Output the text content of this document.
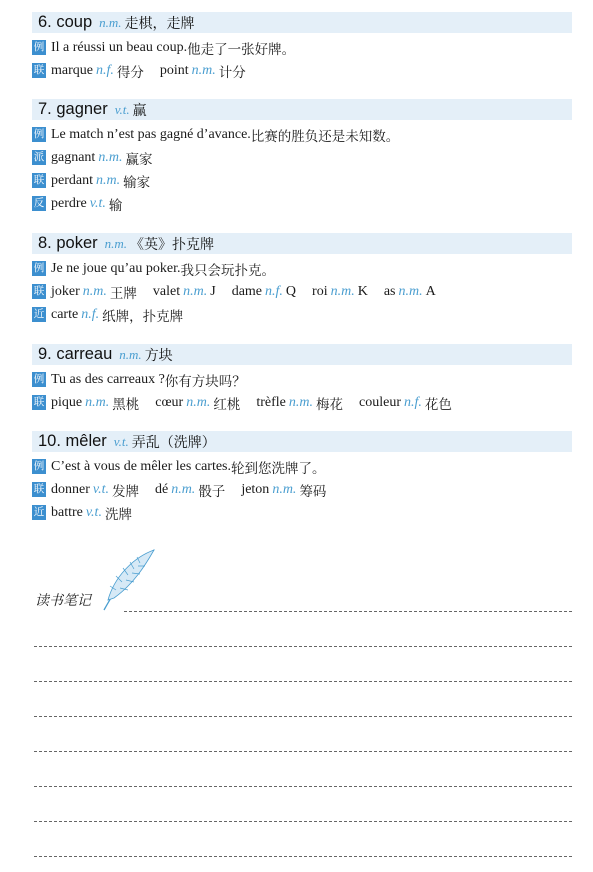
6. coup n.m. 走棋，走牌
例 Il a réussi un beau coup. 他走了一张好牌。
联 marque n.f. 得分 point n.m. 计分
7. gagner v.t. 赢
例 Le match n’est pas gagné d’avance. 比赛的胜负还是未知数。
派 gagnant n.m. 赢家
联 perdant n.m. 输家
反 perdre v.t. 输
8. poker n.m. 《英》扑克牌
例 Je ne joue qu’au poker. 我只会玩扑克。
联 joker n.m. 王牌 valet n.m. J dame n.f. Q roi n.m. K as n.m. A
近 carte n.f. 纸牌，扑克牌
9. carreau n.m. 方块
例 Tu as des carreaux ? 你有方块吗？
联 pique n.m. 黑桃 cœur n.m. 红桃 trèfle n.m. 梅花 couleur n.f. 花色
10. mêler v.t. 弄乱（洗牌）
例 C’est à vous de mêler les cartes. 轮到您洗牌了。
联 donner v.t. 发牌 dé n.m. 骰子 jeton n.m. 筹码
近 battre v.t. 洗牌
读书笔记
